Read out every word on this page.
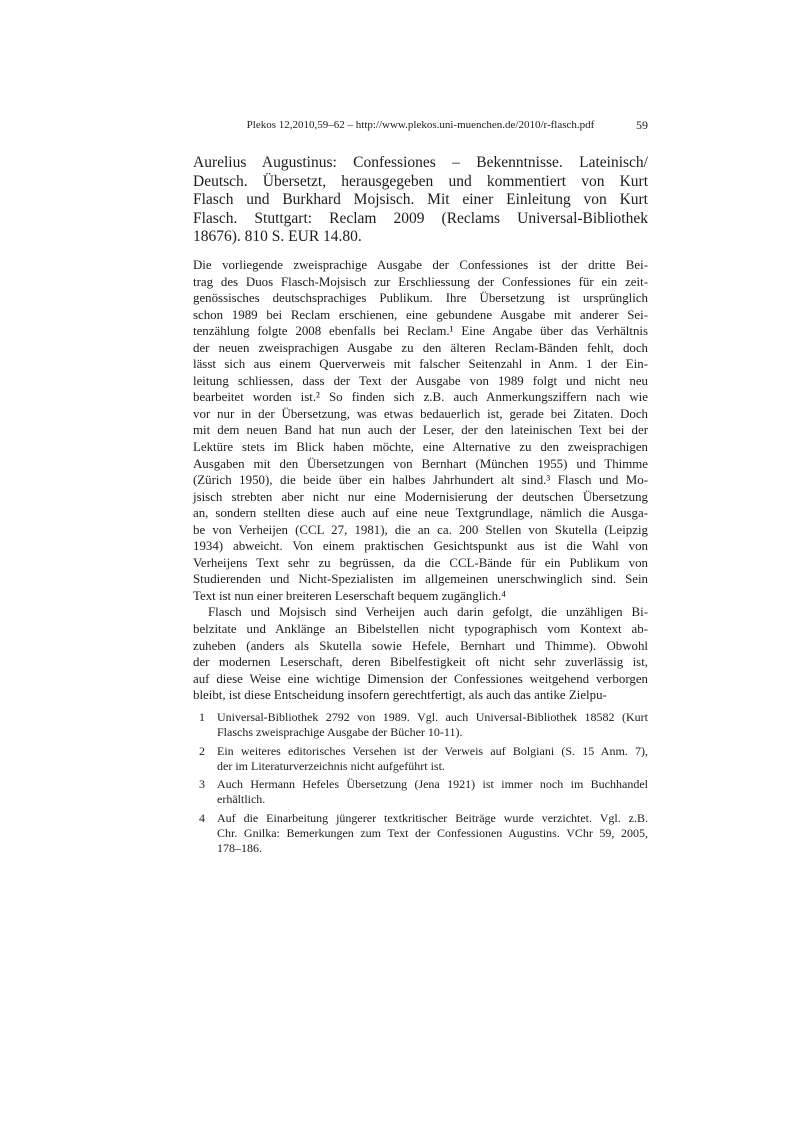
Plekos 12,2010,59–62 – http://www.plekos.uni-muenchen.de/2010/r-flasch.pdf	59
Aurelius Augustinus: Confessiones – Bekenntnisse. Lateinisch/
Deutsch. Übersetzt, herausgegeben und kommentiert von Kurt
Flasch und Burkhard Mojsisch. Mit einer Einleitung von Kurt
Flasch. Stuttgart: Reclam 2009 (Reclams Universal-Bibliothek
18676). 810 S. EUR 14.80.
Die vorliegende zweisprachige Ausgabe der Confessiones ist der dritte Bei-
trag des Duos Flasch-Mojsisch zur Erschliessung der Confessiones für ein zeit-
genössisches deutschsprachiges Publikum. Ihre Übersetzung ist ursprünglich
schon 1989 bei Reclam erschienen, eine gebundene Ausgabe mit anderer Sei-
tenzählung folgte 2008 ebenfalls bei Reclam.¹ Eine Angabe über das Verhältnis
der neuen zweisprachigen Ausgabe zu den älteren Reclam-Bänden fehlt, doch
lässt sich aus einem Querverweis mit falscher Seitenzahl in Anm. 1 der Ein-
leitung schliessen, dass der Text der Ausgabe von 1989 folgt und nicht neu
bearbeitet worden ist.² So finden sich z.B. auch Anmerkungsziffern nach wie
vor nur in der Übersetzung, was etwas bedauerlich ist, gerade bei Zitaten. Doch
mit dem neuen Band hat nun auch der Leser, der den lateinischen Text bei der
Lektüre stets im Blick haben möchte, eine Alternative zu den zweisprachigen
Ausgaben mit den Übersetzungen von Bernhart (München 1955) und Thimme
(Zürich 1950), die beide über ein halbes Jahrhundert alt sind.³ Flasch und Mo-
jsisch strebten aber nicht nur eine Modernisierung der deutschen Übersetzung
an, sondern stellten diese auch auf eine neue Textgrundlage, nämlich die Ausga-
be von Verheijen (CCL 27, 1981), die an ca. 200 Stellen von Skutella (Leipzig
1934) abweicht. Von einem praktischen Gesichtspunkt aus ist die Wahl von
Verheijens Text sehr zu begrüssen, da die CCL-Bände für ein Publikum von
Studierenden und Nicht-Spezialisten im allgemeinen unerschwinglich sind. Sein
Text ist nun einer breiteren Leserschaft bequem zugänglich.⁴
Flasch und Mojsisch sind Verheijen auch darin gefolgt, die unzähligen Bi-
belzitate und Anklänge an Bibelstellen nicht typographisch vom Kontext ab-
zuheben (anders als Skutella sowie Hefele, Bernhart und Thimme). Obwohl
der modernen Leserschaft, deren Bibelfestigkeit oft nicht sehr zuverlässig ist,
auf diese Weise eine wichtige Dimension der Confessiones weitgehend verborgen
bleibt, ist diese Entscheidung insofern gerechtfertigt, als auch das antike Zielpu-
1 Universal-Bibliothek 2792 von 1989. Vgl. auch Universal-Bibliothek 18582 (Kurt
Flaschs zweisprachige Ausgabe der Bücher 10-11).
2 Ein weiteres editorisches Versehen ist der Verweis auf Bolgiani (S. 15 Anm. 7),
der im Literaturverzeichnis nicht aufgeführt ist.
3 Auch Hermann Hefeles Übersetzung (Jena 1921) ist immer noch im Buchhandel
erhältlich.
4 Auf die Einarbeitung jüngerer textkritischer Beiträge wurde verzichtet. Vgl. z.B.
Chr. Gnilka: Bemerkungen zum Text der Confessionen Augustins. VChr 59, 2005,
178–186.
